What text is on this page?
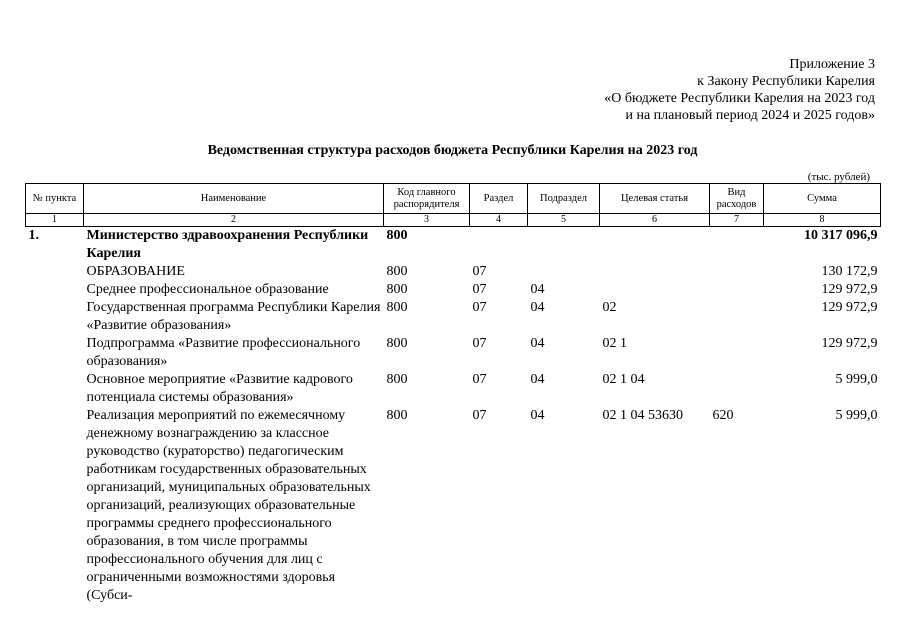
Приложение 3
к Закону Республики Карелия
«О бюджете Республики Карелия на 2023 год
и на плановый период 2024 и 2025 годов»
Ведомственная структура расходов бюджета Республики Карелия на 2023 год
(тыс. рублей)
№ пункта	Наименование	Код главного распорядителя	Раздел	Подраздел	Целевая статья	Вид расходов	Сумма
1	2	3	4	5	6	7	8
1.	Министерство здравоохранения Республики Карелия	800					10 317 096,9
	ОБРАЗОВАНИЕ	800	07				130 172,9
	Среднее профессиональное образование	800	07	04			129 972,9
	Государственная программа Республики Карелия «Развитие образования»	800	07	04	02		129 972,9
	Подпрограмма «Развитие профессионального образования»	800	07	04	02 1		129 972,9
	Основное мероприятие «Развитие кадрового потенциала системы образования»	800	07	04	02 1 04		5 999,0
	Реализация мероприятий по ежемесячному денежному вознаграждению за классное руководство (кураторство) педагогическим работникам государственных образовательных организаций, муниципальных образовательных организаций, реализующих образовательные программы среднего профессионального образования, в том числе программы профессионального обучения для лиц с ограниченными возможностями здоровья (Субси-	800	07	04	02 1 04 53630	620	5 999,0
